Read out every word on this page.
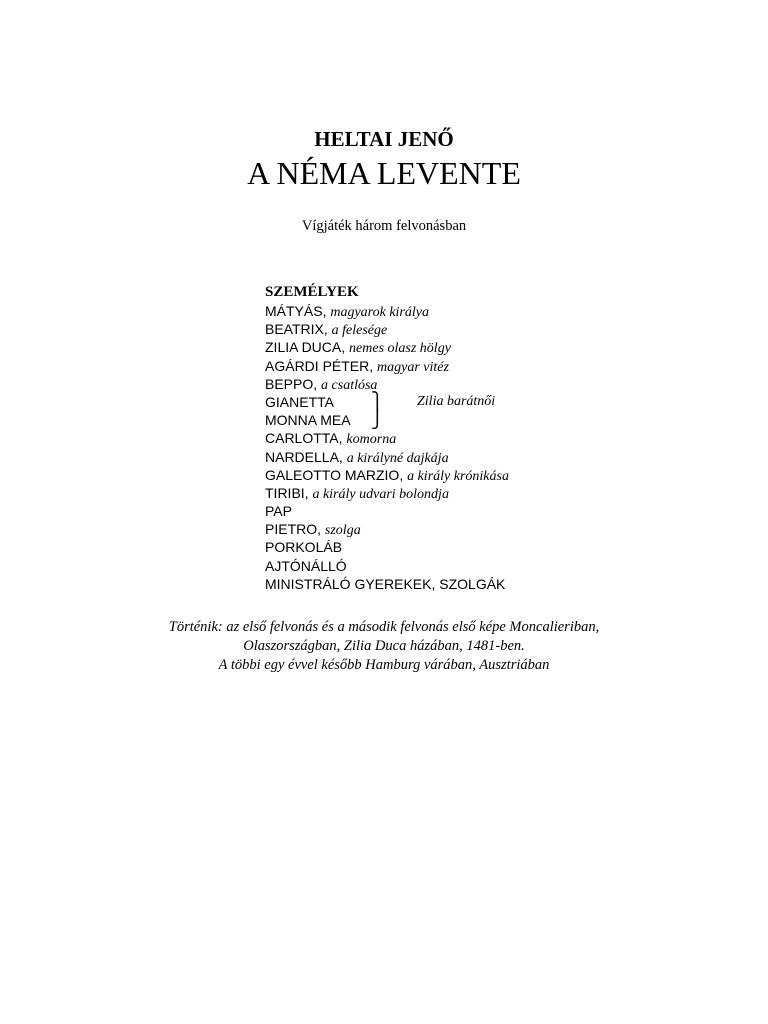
HELTAI JENŐ
A NÉMA LEVENTE
Vígjáték három felvonásban
SZEMÉLYEK
MÁTYÁS, magyarok királya
BEATRIX, a felesége
ZILIA DUCA, nemes olasz hölgy
AGÁRDI PÉTER, magyar vitéz
BEPPO, a csatlósa
GIANETTA ⎫ Zilia barátnői
MONNA MEA ⎭
CARLOTTA, komorna
NARDELLA, a királyné dajkája
GALEOTTO MARZIO, a király krónikása
TIRIBI, a király udvari bolondja
PAP
PIETRO, szolga
PORKOLÁB
AJTÓNÁLLÓ
MINISTRÁLÓ GYEREKEK, SZOLGÁK
Történik: az első felvonás és a második felvonás első képe Moncalieriban,
Olaszországban, Zilia Duca házában, 1481-ben.
A többi egy évvel később Hamburg várában, Ausztriában
